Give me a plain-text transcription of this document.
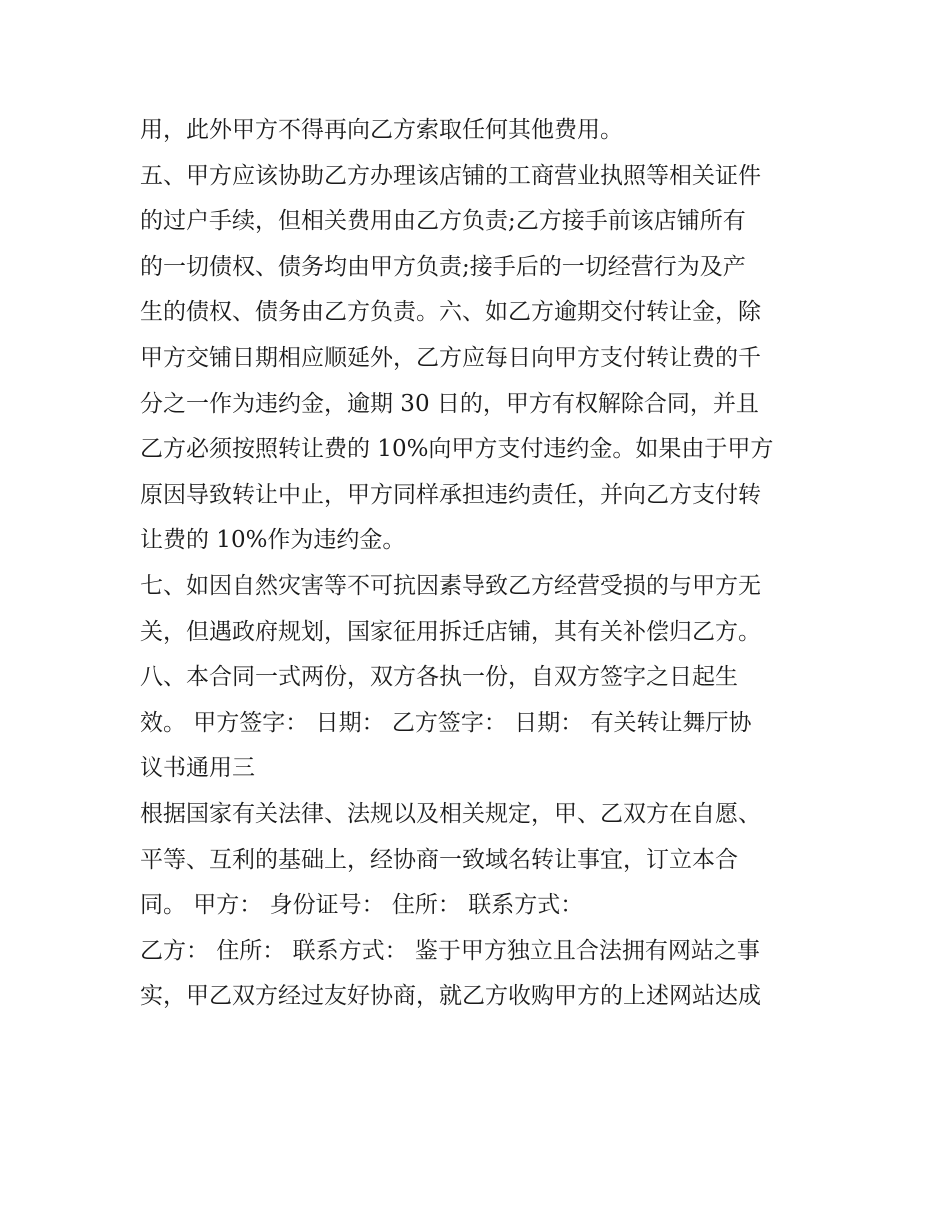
用，此外甲方不得再向乙方索取任何其他费用。
五、甲方应该协助乙方办理该店铺的工商营业执照等相关证件
的过户手续，但相关费用由乙方负责;乙方接手前该店铺所有
的一切债权、债务均由甲方负责;接手后的一切经营行为及产
生的债权、债务由乙方负责。六、如乙方逾期交付转让金，除
甲方交铺日期相应顺延外，乙方应每日向甲方支付转让费的千
分之一作为违约金，逾期 30 日的，甲方有权解除合同，并且
乙方必须按照转让费的 10%向甲方支付违约金。如果由于甲方
原因导致转让中止，甲方同样承担违约责任，并向乙方支付转
让费的 10%作为违约金。
七、如因自然灾害等不可抗因素导致乙方经营受损的与甲方无
关，但遇政府规划，国家征用拆迁店铺，其有关补偿归乙方。
八、本合同一式两份，双方各执一份，自双方签字之日起生
效。 甲方签字： 日期： 乙方签字： 日期： 有关转让舞厅协
议书通用三
根据国家有关法律、法规以及相关规定，甲、乙双方在自愿、
平等、互利的基础上，经协商一致域名转让事宜，订立本合
同。 甲方： 身份证号： 住所： 联系方式：
乙方： 住所： 联系方式： 鉴于甲方独立且合法拥有网站之事
实，甲乙双方经过友好协商，就乙方收购甲方的上述网站达成
